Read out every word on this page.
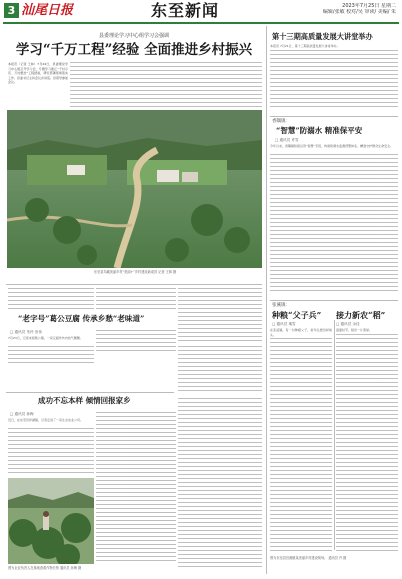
3 汕尾日报	东至新闻	2023年7月25日 星期二
编辑/张敏 校对/吴 审读/ 美编/ 朱
县委理论学习中心组学习会强调
学习“千万工程”经验 全面推进乡村振兴
本报讯（记者 王林）7月24日，县委理论学习中心组召开学习会，专题学习浙江“千村示范、万村整治”工程经验，研究部署贯彻落实工作。县委书记主持会议并讲话。县领导参加会议。
东至县鸟瞰美丽乡村“美丽+”乡村建设新成效 记者 王林 摄
第十三期高质量发展大讲堂举办
本报讯 7月21日，第十三期高质量发展大讲堂举办。
香隅镇：
“智慧”防溺水 精准保平安
□ 通讯员 许雪
今年以来，香隅镇积极运用“智慧”手段，构建防溺水监测预警体系，精准守护群众生命安全。
张溪镇：
种粮“父子兵” 接力新农“稻”
□ 通讯员 秦雪	□ 通讯员 余佳
在张溪镇，有一对种粮父子，常年扎根田间地头。
盛夏时节，稻田一片葱绿。
“老字号”葛公豆腐 传承乡愁“老味道”
□ 通讯员 朱玲 田伟
7月23日，记者来到葛公镇，一家豆腐作坊内热气腾腾。
成功不忘本样 倾情回报家乡
□ 通讯员 孙梅
近日，在东至县洋湖镇，记者走进了一家生态农业公司。
图为企业负责人在基地查看作物长势 通讯员 孙梅 摄
图为东至县官港镇某美丽乡村建设现场。 通讯员 许 摄
